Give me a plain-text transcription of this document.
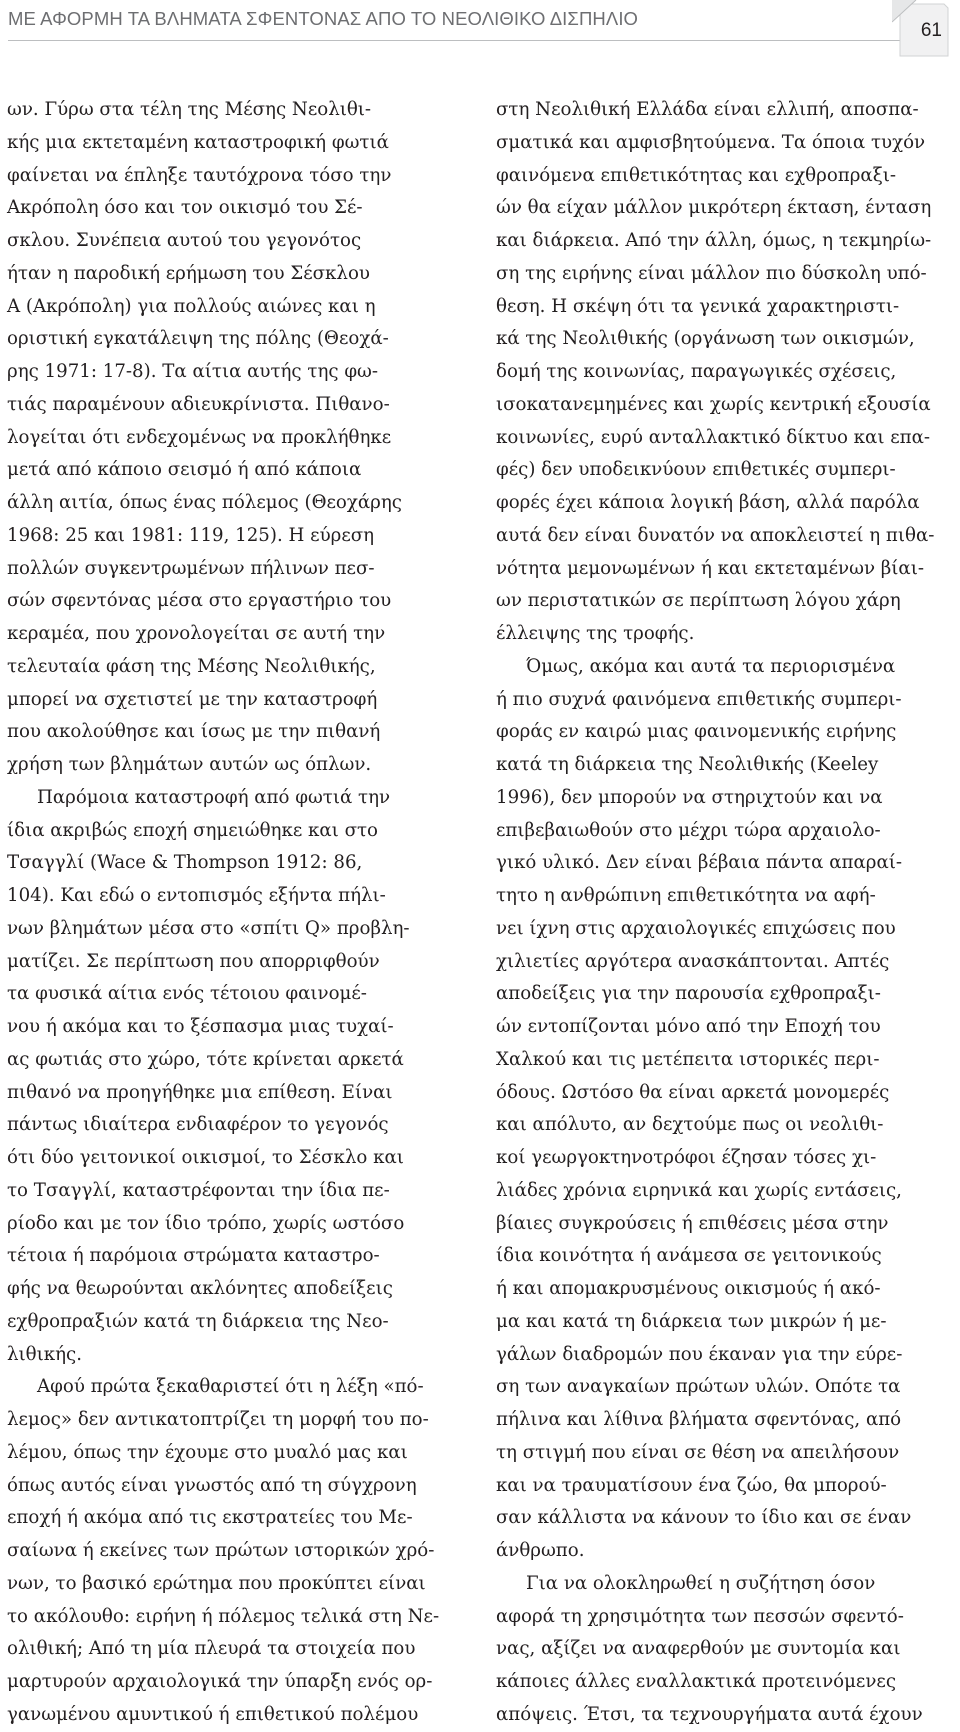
ΜΕ ΑΦΟΡΜΗ ΤΑ ΒΛΗΜΑΤΑ ΣΦΕΝΤΟΝΑΣ ΑΠΟ ΤΟ ΝΕΟΛΙΘΙΚΟ ΔΙΣΠΗΛΙΟ
61
ων. Γύρω στα τέλη της Μέσης Νεολιθι-
κής μια εκτεταμένη καταστροφική φωτιά
φαίνεται να έπληξε ταυτόχρονα τόσο την
Ακρόπολη όσο και τον οικισμό του Σέ-
σκλου. Συνέπεια αυτού του γεγονότος
ήταν η παροδική ερήμωση του Σέσκλου
Α (Ακρόπολη) για πολλούς αιώνες και η
οριστική εγκατάλειψη της πόλης (Θεοχά-
ρης 1971: 17-8). Τα αίτια αυτής της φω-
τιάς παραμένουν αδιευκρίνιστα. Πιθανο-
λογείται ότι ενδεχομένως να προκλήθηκε
μετά από κάποιο σεισμό ή από κάποια
άλλη αιτία, όπως ένας πόλεμος (Θεοχάρης
1968: 25 και 1981: 119, 125). Η εύρεση
πολλών συγκεντρωμένων πήλινων πεσ-
σών σφεντόνας μέσα στο εργαστήριο του
κεραμέα, που χρονολογείται σε αυτή την
τελευταία φάση της Μέσης Νεολιθικής,
μπορεί να σχετιστεί με την καταστροφή
που ακολούθησε και ίσως με την πιθανή
χρήση των βλημάτων αυτών ως όπλων.
Παρόμοια καταστροφή από φωτιά την
ίδια ακριβώς εποχή σημειώθηκε και στο
Τσαγγλί (Wace & Thompson 1912: 86,
104). Και εδώ ο εντοπισμός εξήντα πήλι-
νων βλημάτων μέσα στο «σπίτι Q» προβλη-
ματίζει. Σε περίπτωση που απορριφθούν
τα φυσικά αίτια ενός τέτοιου φαινομέ-
νου ή ακόμα και το ξέσπασμα μιας τυχαί-
ας φωτιάς στο χώρο, τότε κρίνεται αρκετά
πιθανό να προηγήθηκε μια επίθεση. Είναι
πάντως ιδιαίτερα ενδιαφέρον το γεγονός
ότι δύο γειτονικοί οικισμοί, το Σέσκλο και
το Τσαγγλί, καταστρέφονται την ίδια πε-
ρίοδο και με τον ίδιο τρόπο, χωρίς ωστόσο
τέτοια ή παρόμοια στρώματα καταστρο-
φής να θεωρούνται ακλόνητες αποδείξεις
εχθροπραξιών κατά τη διάρκεια της Νεο-
λιθικής.
Αφού πρώτα ξεκαθαριστεί ότι η λέξη «πό-
λεμος» δεν αντικατοπτρίζει τη μορφή του πο-
λέμου, όπως την έχουμε στο μυαλό μας και
όπως αυτός είναι γνωστός από τη σύγχρονη
εποχή ή ακόμα από τις εκστρατείες του Με-
σαίωνα ή εκείνες των πρώτων ιστορικών χρό-
νων, το βασικό ερώτημα που προκύπτει είναι
το ακόλουθο: ειρήνη ή πόλεμος τελικά στη Νε-
ολιθική; Από τη μία πλευρά τα στοιχεία που
μαρτυρούν αρχαιολογικά την ύπαρξη ενός ορ-
γανωμένου αμυντικού ή επιθετικού πολέμου
στη Νεολιθική Ελλάδα είναι ελλιπή, αποσπα-
σματικά και αμφισβητούμενα. Τα όποια τυχόν
φαινόμενα επιθετικότητας και εχθροπραξι-
ών θα είχαν μάλλον μικρότερη έκταση, ένταση
και διάρκεια. Από την άλλη, όμως, η τεκμηρίω-
ση της ειρήνης είναι μάλλον πιο δύσκολη υπό-
θεση. Η σκέψη ότι τα γενικά χαρακτηριστι-
κά της Νεολιθικής (οργάνωση των οικισμών,
δομή της κοινωνίας, παραγωγικές σχέσεις,
ισοκατανεμημένες και χωρίς κεντρική εξουσία
κοινωνίες, ευρύ ανταλλακτικό δίκτυο και επα-
φές) δεν υποδεικνύουν επιθετικές συμπερι-
φορές έχει κάποια λογική βάση, αλλά παρόλα
αυτά δεν είναι δυνατόν να αποκλειστεί η πιθα-
νότητα μεμονωμένων ή και εκτεταμένων βίαι-
ων περιστατικών σε περίπτωση λόγου χάρη
έλλειψης της τροφής.
Όμως, ακόμα και αυτά τα περιορισμένα
ή πιο συχνά φαινόμενα επιθετικής συμπερι-
φοράς εν καιρώ μιας φαινομενικής ειρήνης
κατά τη διάρκεια της Νεολιθικής (Keeley
1996), δεν μπορούν να στηριχτούν και να
επιβεβαιωθούν στο μέχρι τώρα αρχαιολο-
γικό υλικό. Δεν είναι βέβαια πάντα απαραί-
τητο η ανθρώπινη επιθετικότητα να αφή-
νει ίχνη στις αρχαιολογικές επιχώσεις που
χιλιετίες αργότερα ανασκάπτονται. Απτές
αποδείξεις για την παρουσία εχθροπραξι-
ών εντοπίζονται μόνο από την Εποχή του
Χαλκού και τις μετέπειτα ιστορικές περι-
όδους. Ωστόσο θα είναι αρκετά μονομερές
και απόλυτο, αν δεχτούμε πως οι νεολιθι-
κοί γεωργοκτηνοτρόφοι έζησαν τόσες χι-
λιάδες χρόνια ειρηνικά και χωρίς εντάσεις,
βίαιες συγκρούσεις ή επιθέσεις μέσα στην
ίδια κοινότητα ή ανάμεσα σε γειτονικούς
ή και απομακρυσμένους οικισμούς ή ακό-
μα και κατά τη διάρκεια των μικρών ή με-
γάλων διαδρομών που έκαναν για την εύρε-
ση των αναγκαίων πρώτων υλών. Οπότε τα
πήλινα και λίθινα βλήματα σφεντόνας, από
τη στιγμή που είναι σε θέση να απειλήσουν
και να τραυματίσουν ένα ζώο, θα μπορού-
σαν κάλλιστα να κάνουν το ίδιο και σε έναν
άνθρωπο.
Για να ολοκληρωθεί η συζήτηση όσον
αφορά τη χρησιμότητα των πεσσών σφεντό-
νας, αξίζει να αναφερθούν με συντομία και
κάποιες άλλες εναλλακτικά προτεινόμενες
απόψεις. Έτσι, τα τεχνουργήματα αυτά έχουν
